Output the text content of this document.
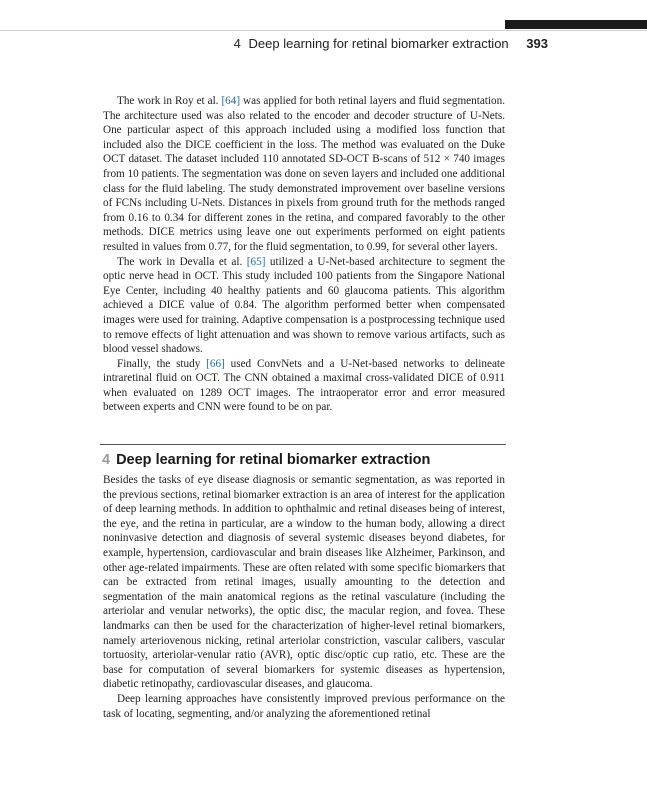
4 Deep learning for retinal biomarker extraction 393

The work in Roy et al. [64] was applied for both retinal layers and fluid segmentation. The architecture used was also related to the encoder and decoder structure of U-Nets. One particular aspect of this approach included using a modified loss function that included also the DICE coefficient in the loss. The method was evaluated on the Duke OCT dataset. The dataset included 110 annotated SD-OCT B-scans of 512 × 740 images from 10 patients. The segmentation was done on seven layers and included one additional class for the fluid labeling. The study demonstrated improvement over baseline versions of FCNs including U-Nets. Distances in pixels from ground truth for the methods ranged from 0.16 to 0.34 for different zones in the retina, and compared favorably to the other methods. DICE metrics using leave one out experiments performed on eight patients resulted in values from 0.77, for the fluid segmentation, to 0.99, for several other layers.

The work in Devalla et al. [65] utilized a U-Net-based architecture to segment the optic nerve head in OCT. This study included 100 patients from the Singapore National Eye Center, including 40 healthy patients and 60 glaucoma patients. This algorithm achieved a DICE value of 0.84. The algorithm performed better when compensated images were used for training. Adaptive compensation is a postprocessing technique used to remove effects of light attenuation and was shown to remove various artifacts, such as blood vessel shadows.

Finally, the study [66] used ConvNets and a U-Net-based networks to delineate intraretinal fluid on OCT. The CNN obtained a maximal cross-validated DICE of 0.911 when evaluated on 1289 OCT images. The intraoperator error and error measured between experts and CNN were found to be on par.

4 Deep learning for retinal biomarker extraction

Besides the tasks of eye disease diagnosis or semantic segmentation, as was reported in the previous sections, retinal biomarker extraction is an area of interest for the application of deep learning methods. In addition to ophthalmic and retinal diseases being of interest, the eye, and the retina in particular, are a window to the human body, allowing a direct noninvasive detection and diagnosis of several systemic diseases beyond diabetes, for example, hypertension, cardiovascular and brain diseases like Alzheimer, Parkinson, and other age-related impairments. These are often related with some specific biomarkers that can be extracted from retinal images, usually amounting to the detection and segmentation of the main anatomical regions as the retinal vasculature (including the arteriolar and venular networks), the optic disc, the macular region, and fovea. These landmarks can then be used for the characterization of higher-level retinal biomarkers, namely arteriovenous nicking, retinal arteriolar constriction, vascular calibers, vascular tortuosity, arteriolar-venular ratio (AVR), optic disc/optic cup ratio, etc. These are the base for computation of several biomarkers for systemic diseases as hypertension, diabetic retinopathy, cardiovascular diseases, and glaucoma.

Deep learning approaches have consistently improved previous performance on the task of locating, segmenting, and/or analyzing the aforementioned retinal
